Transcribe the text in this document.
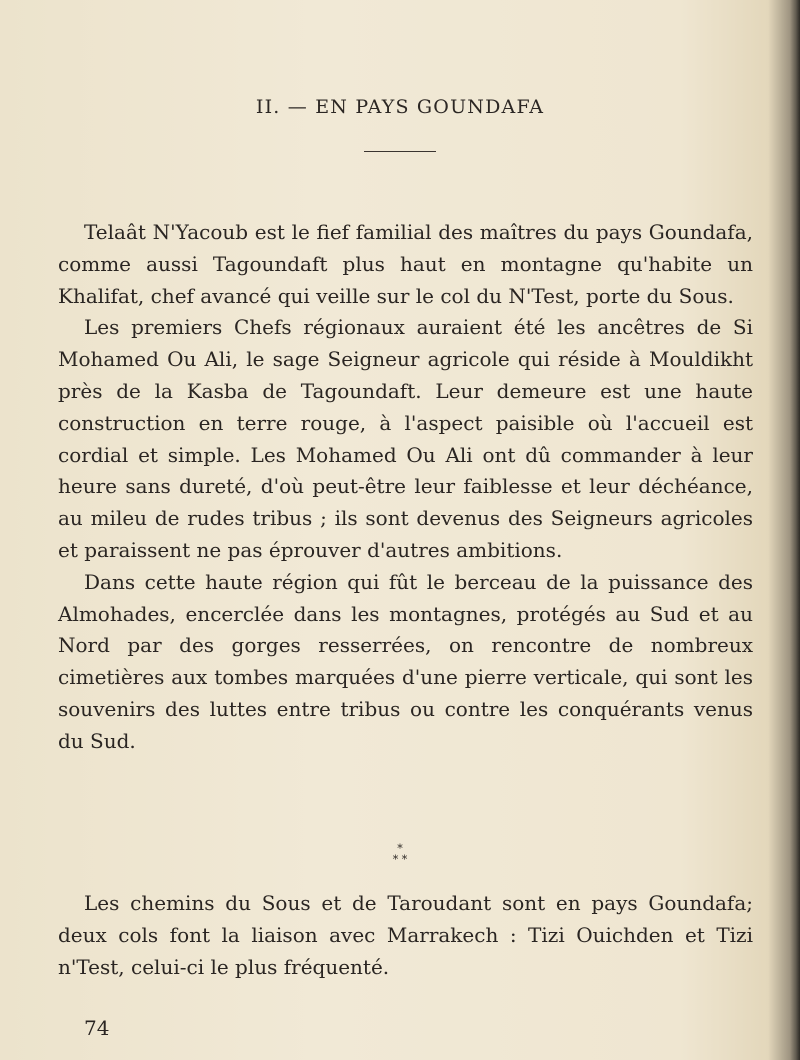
II. — EN PAYS GOUNDAFA

Telaât N'Yacoub est le fief familial des maîtres du pays Goundafa, comme aussi Tagoundaft plus haut en montagne qu'habite un Khalifat, chef avancé qui veille sur le col du N'Test, porte du Sous.

Les premiers Chefs régionaux auraient été les ancêtres de Si Mohamed Ou Ali, le sage Seigneur agricole qui réside à Mouldikht près de la Kasba de Tagoundaft. Leur demeure est une haute construction en terre rouge, à l'aspect paisible où l'accueil est cordial et simple. Les Mohamed Ou Ali ont dû commander à leur heure sans dureté, d'où peut-être leur faiblesse et leur déchéance, au mileu de rudes tribus ; ils sont devenus des Seigneurs agricoles et paraissent ne pas éprouver d'autres ambitions.

Dans cette haute région qui fût le berceau de la puissance des Almohades, encerclée dans les montagnes, protégés au Sud et au Nord par des gorges resserrées, on rencontre de nombreux cimetières aux tombes marquées d'une pierre verticale, qui sont les souvenirs des luttes entre tribus ou contre les conquérants venus du Sud.

*
* *

Les chemins du Sous et de Taroudant sont en pays Goundafa; deux cols font la liaison avec Marrakech : Tizi Ouichden et Tizi n'Test, celui-ci le plus fréquenté.

74
